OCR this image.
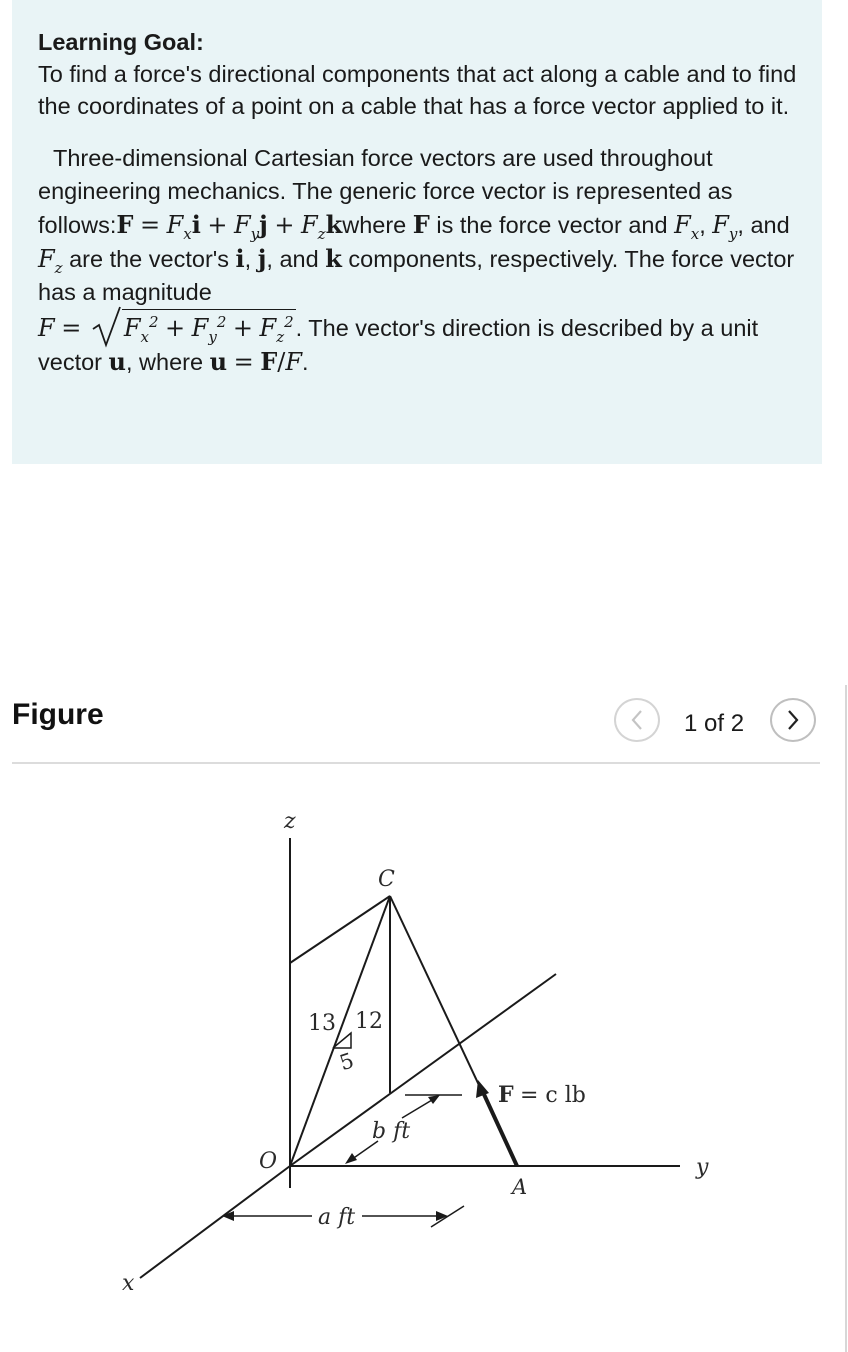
Learning Goal:
To find a force's directional components that act along a cable and to find the coordinates of a point on a cable that has a force vector applied to it.
Three-dimensional Cartesian force vectors are used throughout engineering mechanics. The generic force vector is represented as follows:F = $F_xi + F_yj$ + $F_zkwhere$ F is the force vector and $F_x$, $F_y$, and $F_z$ are the vector's i, j, and k components, respectively. The force vector has a magnitude
$F = F_x^2 + F_y^2 + F_z^2$. The vector's direction is described by a unit vector u, where u = F/F.
Figure	1 of 2
z
x
y
O
C
A
13 12
5
F = c lb
b ft
a ft
